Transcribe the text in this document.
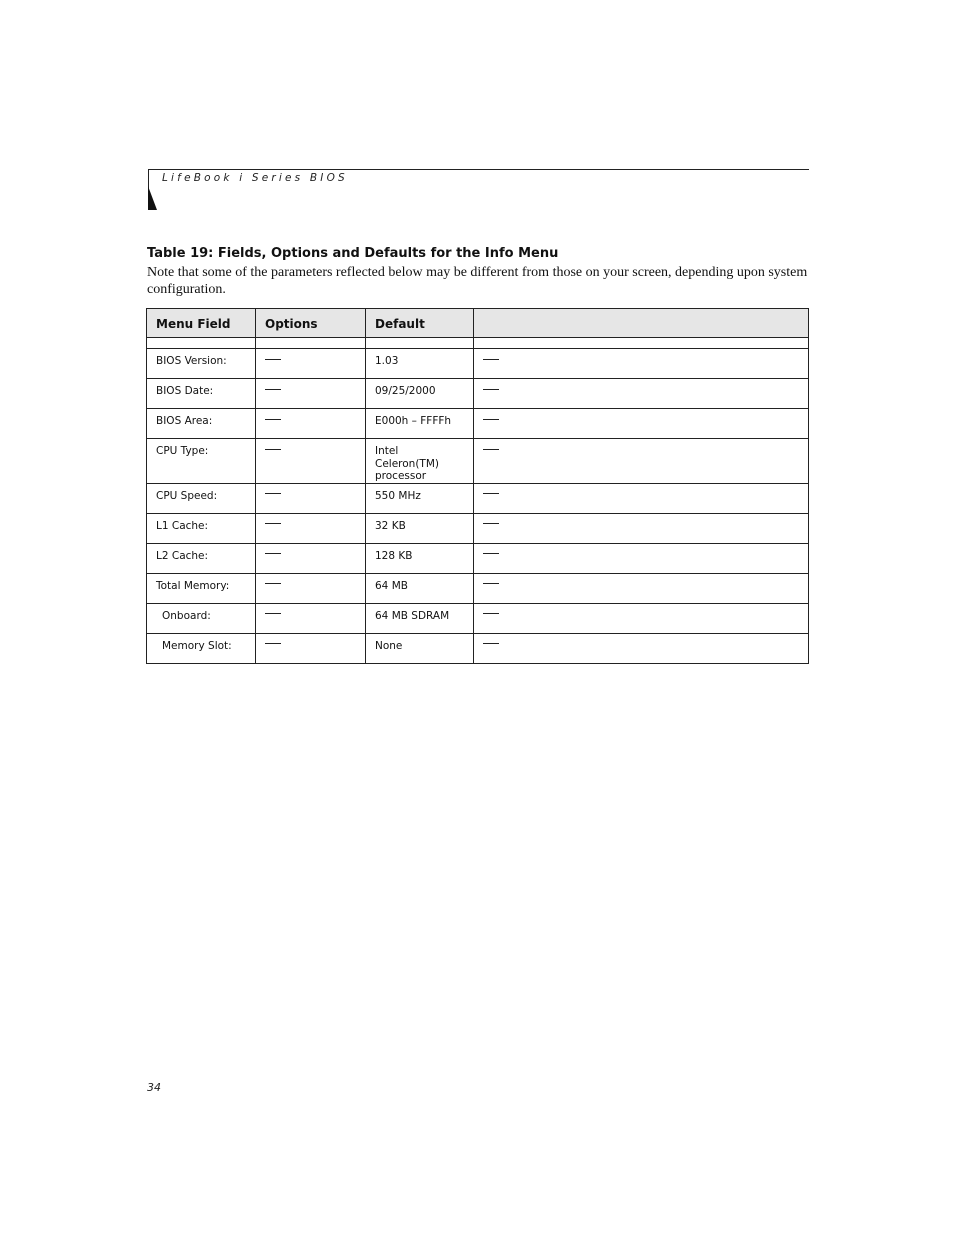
LifeBook i Series BIOS
Table 19: Fields, Options and Defaults for the Info Menu
Note that some of the parameters reflected below may be different from those on your screen, depending upon system configuration.
Menu Field	Options	Default	

BIOS Version:		1.03	
BIOS Date:		09/25/2000	
BIOS Area:		E000h – FFFFh	
CPU Type:		Intel Celeron(TM) processor	
CPU Speed:		550 MHz	
L1 Cache:		32 KB	
L2 Cache:		128 KB	
Total Memory:		64 MB	
Onboard:		64 MB SDRAM	
Memory Slot:		None	
34
